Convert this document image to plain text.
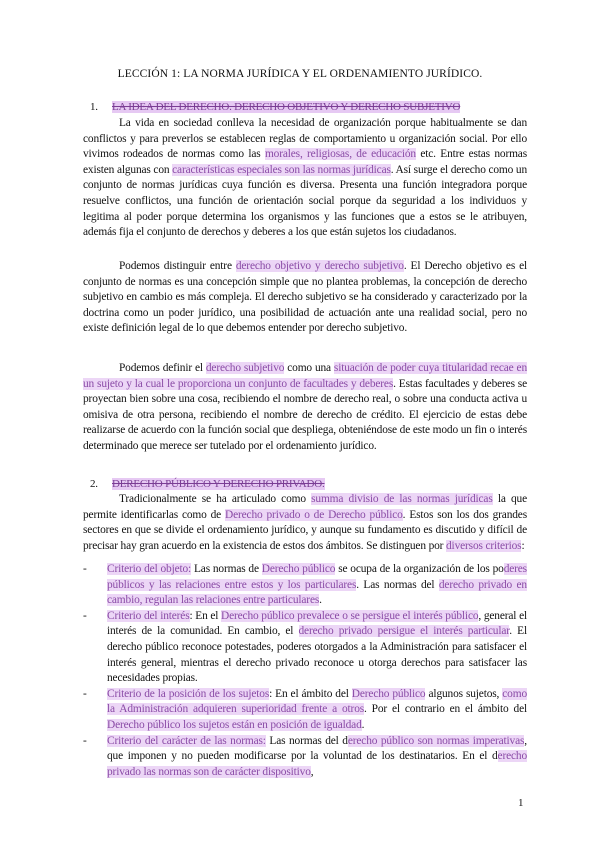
LECCIÓN 1: LA NORMA JURÍDICA Y EL ORDENAMIENTO JURÍDICO.
1. LA IDEA DEL DERECHO. DERECHO OBJETIVO Y DERECHO SUBJETIVO
La vida en sociedad conlleva la necesidad de organización porque habitualmente se dan conflictos y para preverlos se establecen reglas de comportamiento u organización social. Por ello vivimos rodeados de normas como las morales, religiosas, de educación etc. Entre estas normas existen algunas con características especiales son las normas jurídicas. Así surge el derecho como un conjunto de normas jurídicas cuya función es diversa. Presenta una función integradora porque resuelve conflictos, una función de orientación social porque da seguridad a los individuos y legitima al poder porque determina los organismos y las funciones que a estos se le atribuyen, además fija el conjunto de derechos y deberes a los que están sujetos los ciudadanos.
Podemos distinguir entre derecho objetivo y derecho subjetivo. El Derecho objetivo es el conjunto de normas es una concepción simple que no plantea problemas, la concepción de derecho subjetivo en cambio es más compleja. El derecho subjetivo se ha considerado y caracterizado por la doctrina como un poder jurídico, una posibilidad de actuación ante una realidad social, pero no existe definición legal de lo que debemos entender por derecho subjetivo.
Podemos definir el derecho subjetivo como una situación de poder cuya titularidad recae en un sujeto y la cual le proporciona un conjunto de facultades y deberes. Estas facultades y deberes se proyectan bien sobre una cosa, recibiendo el nombre de derecho real, o sobre una conducta activa u omisiva de otra persona, recibiendo el nombre de derecho de crédito. El ejercicio de estas debe realizarse de acuerdo con la función social que despliega, obteniéndose de este modo un fin o interés determinado que merece ser tutelado por el ordenamiento jurídico.
2. DERECHO PÚBLICO Y DERECHO PRIVADO.
Tradicionalmente se ha articulado como summa divisio de las normas jurídicas la que permite identificarlas como de Derecho privado o de Derecho público. Estos son los dos grandes sectores en que se divide el ordenamiento jurídico, y aunque su fundamento es discutido y difícil de precisar hay gran acuerdo en la existencia de estos dos ámbitos. Se distinguen por diversos criterios:
-	Criterio del objeto: Las normas de Derecho público se ocupa de la organización de los poderes públicos y las relaciones entre estos y los particulares. Las normas del derecho privado en cambio, regulan las relaciones entre particulares.
-	Criterio del interés: En el Derecho público prevalece o se persigue el interés público, general el interés de la comunidad. En cambio, el derecho privado persigue el interés particular. El derecho público reconoce potestades, poderes otorgados a la Administración para satisfacer el interés general, mientras el derecho privado reconoce u otorga derechos para satisfacer las necesidades propias.
-	Criterio de la posición de los sujetos: En el ámbito del Derecho público algunos sujetos, como la Administración adquieren superioridad frente a otros. Por el contrario en el ámbito del Derecho público los sujetos están en posición de igualdad.
-	Criterio del carácter de las normas: Las normas del derecho público son normas imperativas, que imponen y no pueden modificarse por la voluntad de los destinatarios. En el derecho privado las normas son de carácter dispositivo,
1
